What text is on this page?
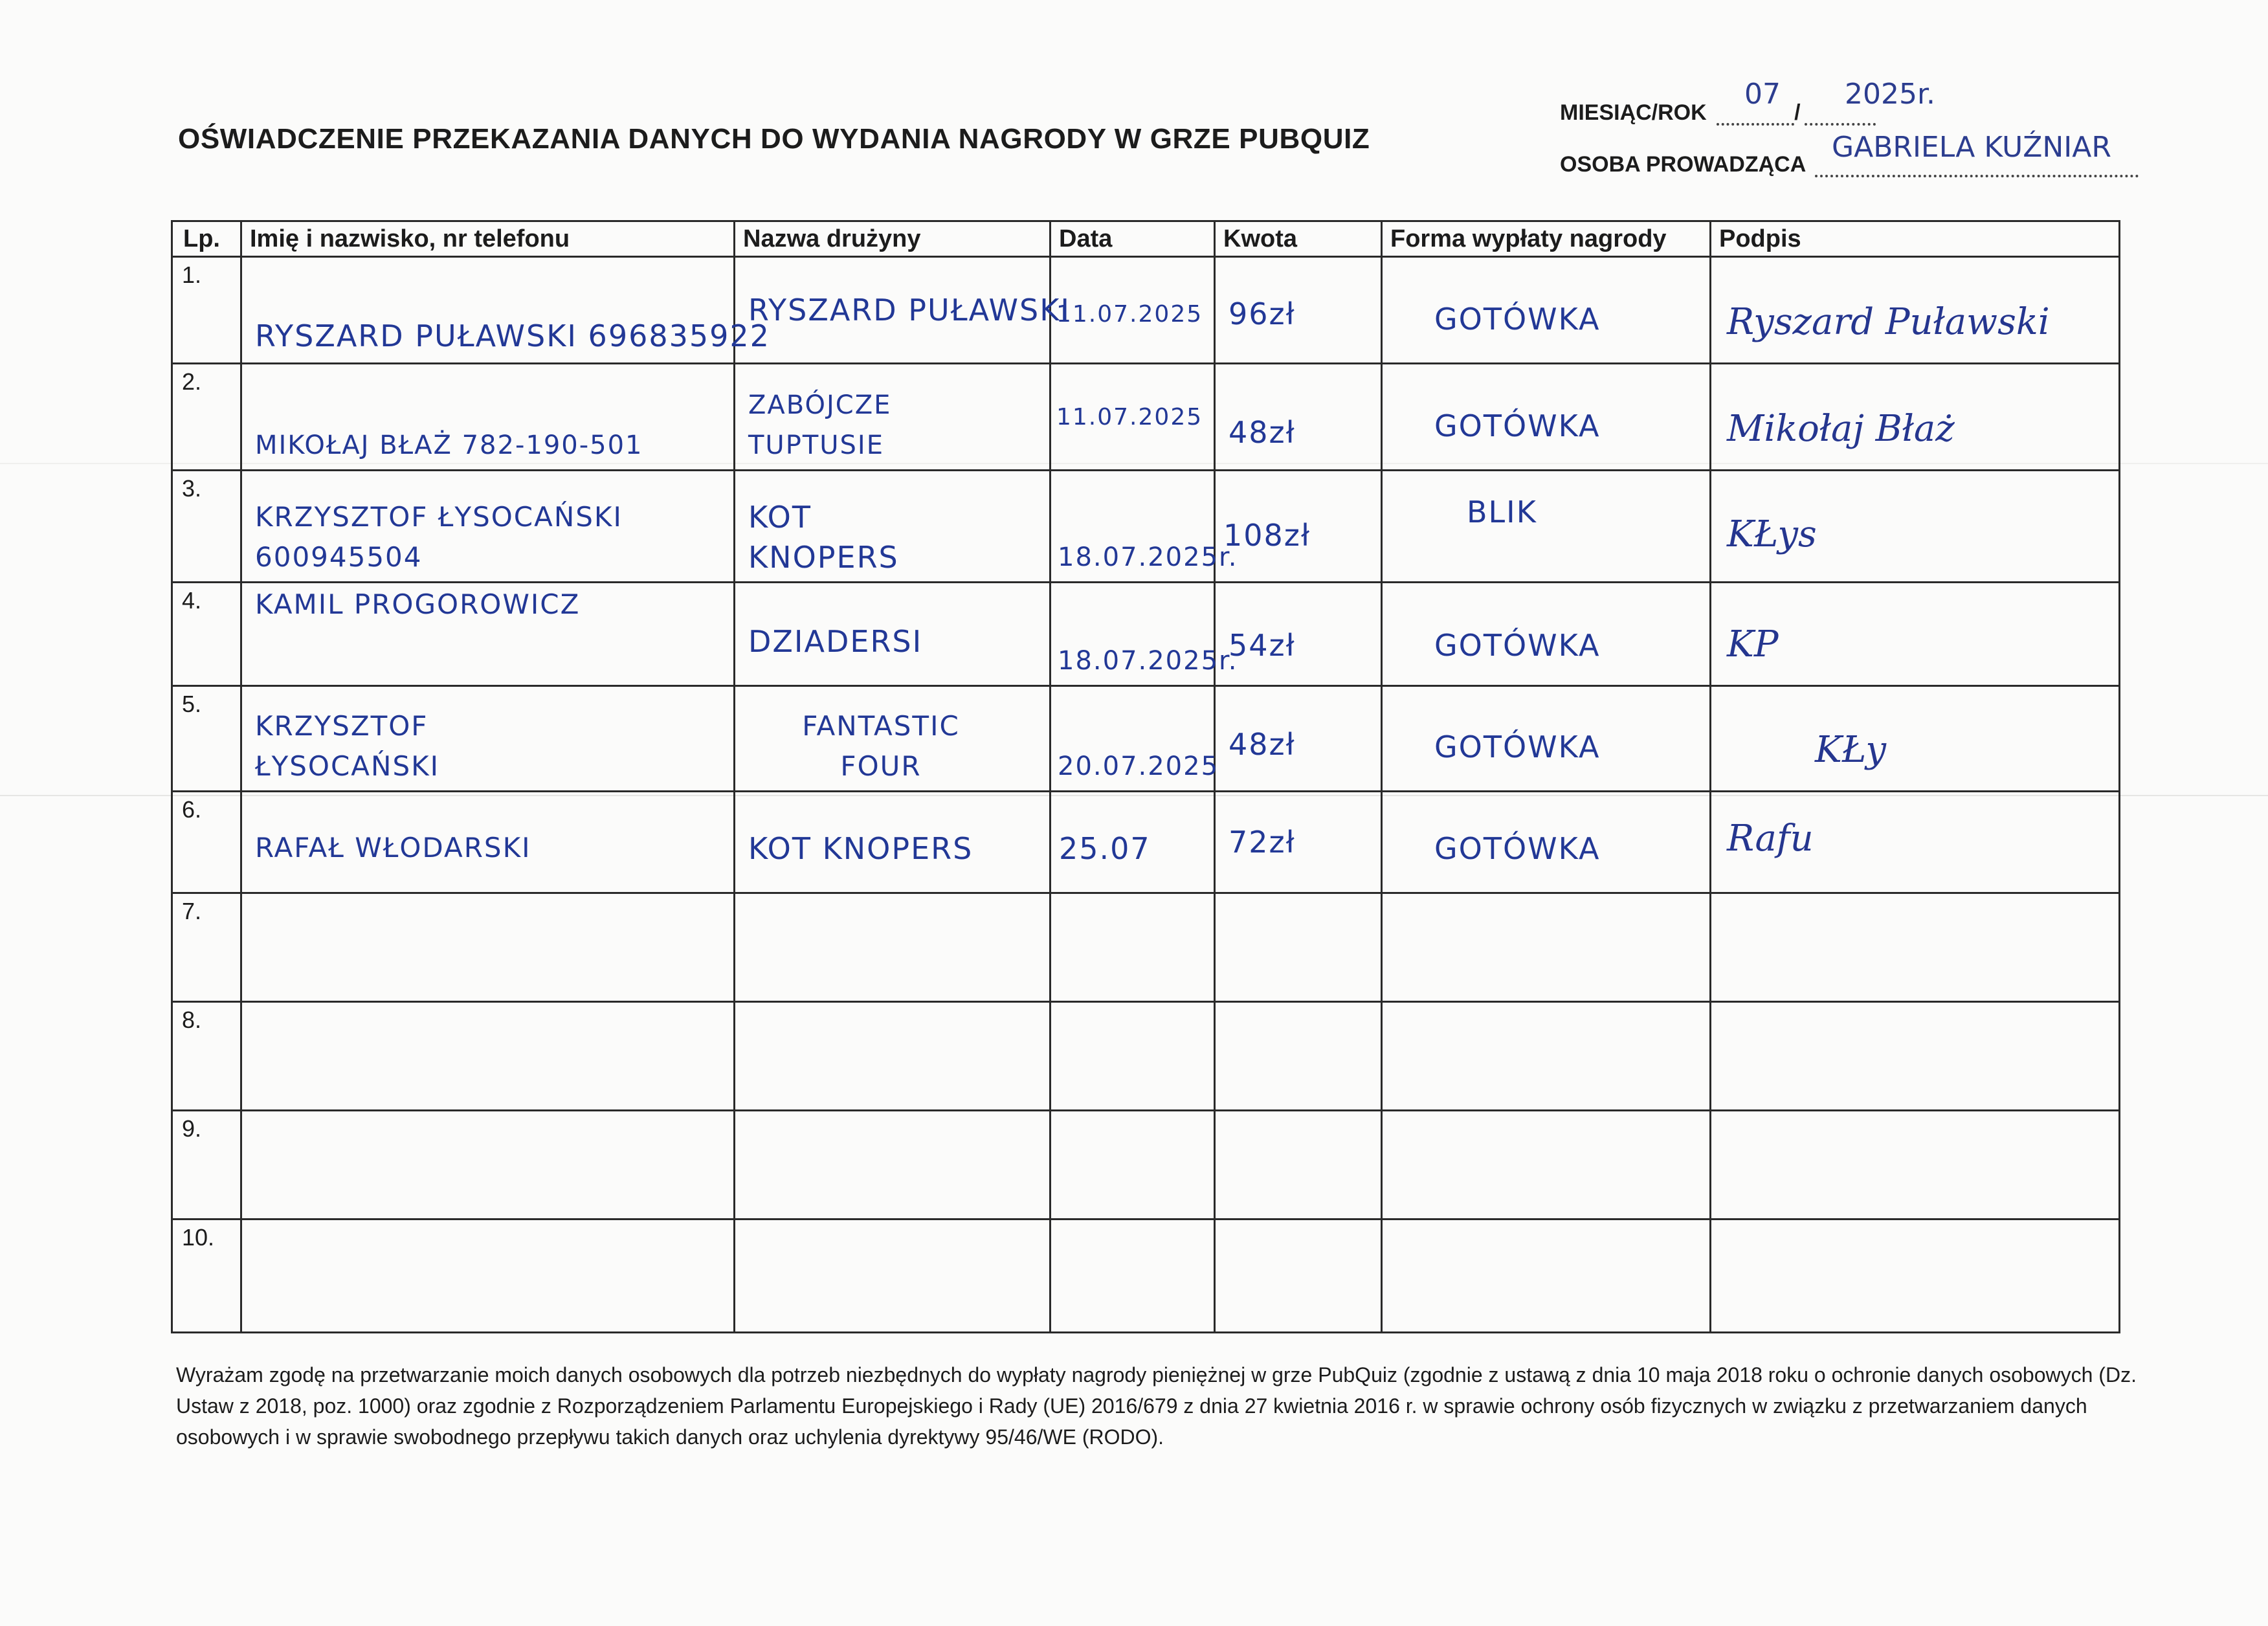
OŚWIADCZENIE PRZEKAZANIA DANYCH DO WYDANIA NAGRODY W GRZE PUBQUIZ
MIESIĄC/ROK	/
07 2025r.
OSOBA PROWADZĄCA
GABRIELA KUŹNIAR
Lp.	Imię i nazwisko, nr telefonu	Nazwa drużyny	Data	Kwota	Forma wypłaty nagrody	Podpis

1.	RYSZARD PUŁAWSKI 696835922	RYSZARD PUŁAWSKI	11.07.2025	96zł	GOTÓWKA	Ryszard Puławski

2.	MIKOŁAJ BŁAŻ 782-190-501	ZABÓJCZE TUPTUSIE	11.07.2025	48zł	GOTÓWKA	Mikołaj Błaż

3.	KRZYSZTOF ŁYSOCAŃSKI 600945504	KOT KNOPERS	18.07.2025r.	108zł	BLIK	KŁys

4.	KAMIL PROGOROWICZ	DZIADERSI	18.07.2025r.	54zł	GOTÓWKA	KP

5.	KRZYSZTOF ŁYSOCAŃSKI	FANTASTIC FOUR	20.07.2025	48zł	GOTÓWKA	KŁy

6.	RAFAŁ WŁODARSKI	KOT KNOPERS	25.07	72zł	GOTÓWKA	Rafu

7.						

8.						

9.						

10.						

Wyrażam zgodę na przetwarzanie moich danych osobowych dla potrzeb niezbędnych do wypłaty nagrody pieniężnej w grze PubQuiz (zgodnie z ustawą z dnia 10 maja 2018 roku o ochronie danych osobowych (Dz. Ustaw z 2018, poz. 1000) oraz zgodnie z Rozporządzeniem Parlamentu Europejskiego i Rady (UE) 2016/679 z dnia 27 kwietnia 2016 r. w sprawie ochrony osób fizycznych w związku z przetwarzaniem danych osobowych i w sprawie swobodnego przepływu takich danych oraz uchylenia dyrektywy 95/46/WE (RODO).
